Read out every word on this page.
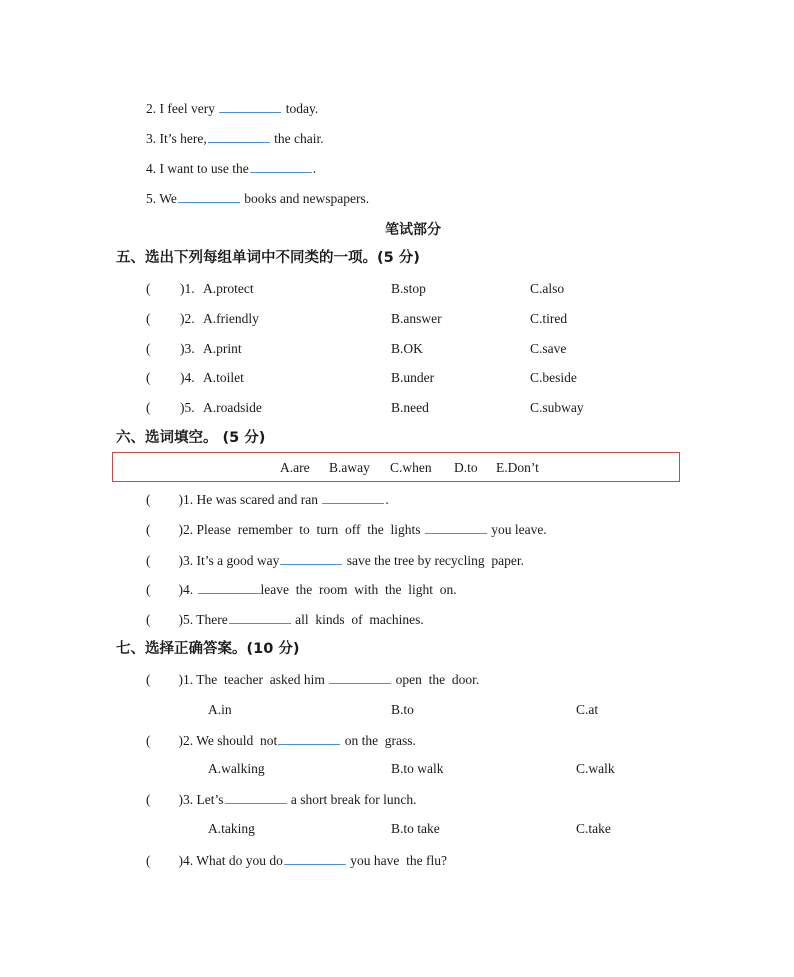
2. I feel very	today.
3. It’s here,	the chair.
4. I want to use the	.
5. We	books and newspapers.
笔试部分
五、选出下列每组单词中不同类的一项。(5 分)
( )1. A.protect	B.stop	C.also
( )2. A.friendly	B.answer	C.tired
( )3. A.print	B.OK	C.save
( )4. A.toilet	B.under	C.beside
( )5. A.roadside	B.need	C.subway
六、选词填空。 (5 分)
A.are B.away C.when D.to E.Don’t
( )1. He was scared and ran	.
( )2. Please  remember  to  turn  off  the  lights	you leave.
( )3. It’s a good way	save the tree by recycling  paper.
( )4.	leave  the  room  with  the  light  on.
( )5. There	all  kinds  of  machines.
七、选择正确答案。(10 分)
( )1. The  teacher  asked him	open  the  door.
A.in	B.to	C.at
( )2. We should  not	on the  grass.
A.walking	B.to walk	C.walk
( )3. Let’s	a short break for lunch.
A.taking	B.to take	C.take
( )4. What do you do	you have  the flu?
